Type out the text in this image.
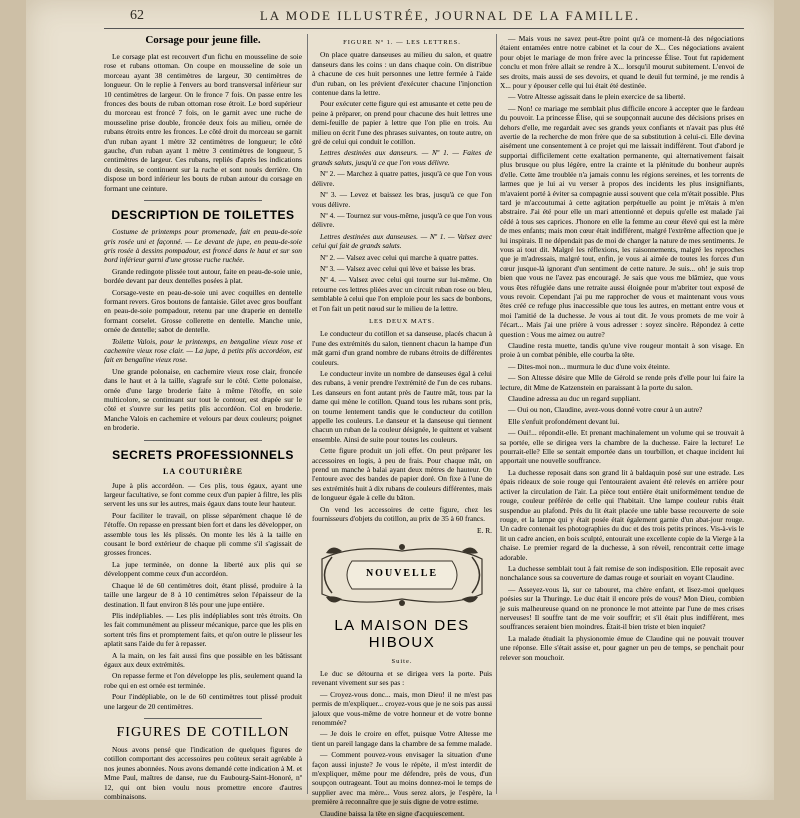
62	LA MODE ILLUSTRÉE, JOURNAL DE LA FAMILLE.
Corsage pour jeune fille.

Le corsage plat est recouvert d'un fichu en mousseline de soie rose et rubans ottoman. On coupe en mousseline de soie un morceau ayant 38 centimètres de largeur, 30 centimètres de longueur. On le replie à l'envers au bord transversal inférieur sur 10 centimètres de largeur. On le fronce 7 fois. On passe entre les fronces des bouts de ruban ottoman rose étroit. Le bord supérieur du morceau est froncé 7 fois, on le garnit avec une ruche de mousseline prise double, froncée deux fois au milieu, ornée de rubans étroits entre les fronces. Le côté droit du morceau se garnit d'un ruban ayant 1 mètre 32 centimètres de longueur; le côté gauche, d'un ruban ayant 1 mètre 3 centimètres de longueur, 5 centimètres de largeur. Ces rubans, repliés d'après les indications du dessin, se continuent sur la ruche et sont noués derrière. On dispose un bord inférieur les bouts de ruban autour du corsage en formant une ceinture.

DESCRIPTION DE TOILETTES

Costume de printemps pour promenade, fait en peau-de-soie gris rosée uni et façonné. — Le devant de jupe, en peau-de-soie gris rosée à dessins pompadour, est froncé dans le haut et sur son bord inférieur garni d'une grosse ruche ruchée.

Grande redingote plissée tout autour, faite en peau-de-soie unie, bordée devant par deux dentelles posées à plat.

Corsage-veste en peau-de-soie uni avec coquilles en dentelle formant revers. Gros boutons de fantaisie. Gilet avec gros bouffant en peau-de-soie pompadour, retenu par une draperie en dentelle formant corselet. Grosse collerette en dentelle. Manche unie, ornée de dentelle; sabot de dentelle.

Toilette Valois, pour le printemps, en bengaline vieux rose et cachemire vieux rose clair. — La jupe, à petits plis accordéon, est fait en bengaline vieux rose.

Une grande polonaise, en cachemire vieux rose clair, froncée dans le haut et à la taille, s'agrafe sur le côté. Cette polonaise, ornée d'une large broderie faite à même l'étoffe, en soie multicolore, se continuant sur tout le contour, est drapée sur le côté et s'ouvre sur les petits plis accordéon. Col en broderie. Manche Valois en cachemire et velours par deux couleurs; poignet en broderie.

SECRETS PROFESSIONNELS
LA COUTURIÈRE

Jupe à plis accordéon. — Ces plis, tous égaux, ayant une largeur facultative, se font comme ceux d'un papier à filtre, les plis servent les uns sur les autres, mais égaux dans toute leur hauteur.

Pour faciliter le travail, on plisse séparément chaque lé de l'étoffe. On repasse en pressant bien fort et dans les développer, on assemble tous les lés plissés. On monte les lés à la taille en cousant le bord extérieur de chaque pli comme s'il s'agissait de grosses fronces.

La jupe terminée, on donne la liberté aux plis qui se développent comme ceux d'un accordéon.

Chaque lé de 60 centimètres doit, étant plissé, produire à la taille une largeur de 8 à 10 centimètres selon l'épaisseur de la destination. Il faut environ 8 lés pour une jupe entière.

Plis indépliables. — Les plis indépliables sont très étroits. On les fait communément au plisseur mécanique, parce que les plis en sortent très fins et promptement faits, et qu'on outre le plisseur les aplatit sans l'aide du fer à repasser.

A la main, on les fait aussi fins que possible en les bâtissant égaux aux deux extrémités.

On repasse ferme et l'on développe les plis, seulement quand la robe qui en est ornée est terminée.

Pour l'indépliable, on le de 60 centimètres tout plissé produit une largeur de 20 centimètres.

FIGURES DE COTILLON

Nous avons pensé que l'indication de quelques figures de cotillon comportant des accessoires peu coûteux serait agréable à nos jeunes abonnées. Nous avons demandé cette indication à M. et Mme Paul, maîtres de danse, rue du Faubourg-Saint-Honoré, nº 12, qui ont bien voulu nous promettre encore d'autres combinaisons.

FIGURE Nº 1. — LES LETTRES.

On place quatre danseuses au milieu du salon, et quatre danseurs dans les coins : un dans chaque coin. On distribue à chacune de ces huit personnes une lettre fermée à l'aide d'un ruban, on les prévient d'exécuter chacune l'injonction contenue dans la lettre.

Pour exécuter cette figure qui est amusante et cette peu de peine à préparer, on prend pour chacune des huit lettres une demi-feuille de papier à lettre que l'on plie en trois. Au milieu on écrit l'une des phrases suivantes, on toute autre, on gré de celui qui conduit le cotillon.

Lettres destinées aux danseurs. — Nº 1. — Faites de grands saluts, jusqu'à ce que l'on vous délivre.

Nº 2. — Marchez à quatre pattes, jusqu'à ce que l'on vous délivre.

Nº 3. — Levez et baissez les bras, jusqu'à ce que l'on vous délivre.

Nº 4. — Tournez sur vous-même, jusqu'à ce que l'on vous délivre.

Lettres destinées aux danseuses. — Nº 1. — Valsez avec celui qui fait de grands saluts.

Nº 2. — Valsez avec celui qui marche à quatre pattes.

Nº 3. — Valsez avec celui qui lève et baisse les bras.

Nº 4. — Valsez avec celui qui tourne sur lui-même. On retourne ces lettres pliées avec un circuit ruban rose ou bleu, semblable à celui que l'on emploie pour les sacs de bonbons, et l'on fait un petit nœud sur le milieu de la lettre.

LES DEUX MATS.

Le conducteur du cotillon et sa danseuse, placés chacun à l'une des extrémités du salon, tiennent chacun la hampe d'un mât garni d'un grand nombre de rubans étroits de différentes couleurs.

Le conducteur invite un nombre de danseuses égal à celui des rubans, à venir prendre l'extrémité de l'un de ces rubans. Les danseurs en font autant près de l'autre mât, tous par la dame qui mène le cotillon. Quand tous les rubans sont pris, on tourne lentement tandis que le conducteur du cotillon appelle les couleurs. Le danseur et la danseuse qui tiennent chacun un ruban de la couleur désignée, le quittent et valsent ensemble. Ainsi de suite pour toutes les couleurs.

Cette figure produit un joli effet. On peut préparer les accessoires en logis, à peu de frais. Pour chaque mât, on prend un manche à balai ayant deux mètres de hauteur. On l'entoure avec des bandes de papier doré. On fixe à l'une de ses extrémités huit à dix rubans de couleurs différentes, mais de longueur égale à celle du bâton.

On vend les accessoires de cette figure, chez les fournisseurs d'objets du cotillon, au prix de 35 à 60 francs.

E. R.
NOUVELLE
LA MAISON DES HIBOUX

Suite.

Le duc se détourna et se dirigea vers la porte. Puis revenant vivement sur ses pas :

— Croyez-vous donc... mais, mon Dieu! il ne m'est pas permis de m'expliquer... croyez-vous que je ne sois pas aussi jaloux que vous-même de votre honneur et de votre bonne renommée?

— Je dois le croire en effet, puisque Votre Altesse me tient un pareil langage dans la chambre de sa femme malade.

— Comment pouvez-vous envisager la situation d'une façon aussi injuste? Je vous le répète, il m'est interdit de m'expliquer, même pour me défendre, près de vous, d'un soupçon outrageant. Tout au moins donnez-moi le temps de supplier avec ma mère... Vous serez alors, je l'espère, la première à reconnaître que je suis digne de votre estime.

Claudine baissa la tête en signe d'acquiescement.

— Mais vous ne savez peut-être point qu'à ce moment-là des négociations étaient entamées entre notre cabinet et la cour de X... Ces négociations avaient pour objet le mariage de mon frère avec la princesse Élise. Tout fut rapidement conclu et mon frère allait se rendre à X... lorsqu'il mourut subitement. L'envoi de ses droits, mais aussi de ses devoirs, et quand le deuil fut terminé, je me rendis à X... pour y épouser celle qui lui était été destinée.

— Votre Altesse agissait dans le plein exercice de sa liberté.

— Non! ce mariage me semblait plus difficile encore à accepter que le fardeau du pouvoir. La princesse Élise, qui se soupçonnait aucune des décisions prises en dehors d'elle, me regardait avec ses grands yeux confiants et n'avait pas plus été avertie de la recherche de mon frère que de sa substitution à celui-ci. Elle devina aisément une consentement à ce projet qui me laissait indifférent. Tout d'abord je supportai difficilement cette exaltation permanente, qui alternativement faisait plus brusque ou plus légère, entre la crainte et la plénitude du bonheur auprès d'elle. Cette âme troublée n'a jamais connu les régions sereines, et les torrents de larmes que je lui ai vu verser à propos des incidents les plus insignifiants, m'avaient porté à éviter sa compagnie aussi souvent que cela m'était possible. Plus tard je m'accoutumai à cette agitation perpétuelle au point je m'étais à m'en abstraire. J'ai été pour elle un mari attentionné et depuis qu'elle est malade j'ai cédé à tous ses caprices. J'honore en elle la femme au cœur élevé qui est la mère de mes enfants; mais mon cœur était indifférent, malgré l'extrême affection que je lui inspirais. Il ne dépendait pas de moi de changer la nature de mes sentiments. Je vous ai tout dit. Malgré les réflexions, les raisonnements, malgré les reproches que je m'adressais, malgré tout, enfin, je vous ai aimée de toutes les forces d'un cœur jusque-là ignorant d'un sentiment de cette nature. Je suis... oh! je suis trop bien que vous ne l'avez pas encouragé. Je sais que vous me blâmiez, que vous vous êtes réfugiée dans une retraite aussi éloignée pour m'abriter tout exposé de vous revoir. Cependant j'ai pu me rapprocher de vous et maintenant vous vous êtes créé ce refuge plus inaccessible que tous les autres, en mettant entre vous et moi l'amitié de la duchesse. Je vous ai tout dit. Je vous promets de me voir à l'écart... Mais j'ai une prière à vous adresser : soyez sincère. Répondez à cette question : Vous me aimez ou autre?

Claudine resta muette, tandis qu'une vive rougeur montait à son visage. En proie à un combat pénible, elle courba la tête.

— Dites-moi non... murmura le duc d'une voix éteinte.

— Son Altesse désire que Mlle de Gérold se rende près d'elle pour lui faire la lecture, dit Mme de Katzenstein en paraissant à la porte du salon.

Claudine adressa au duc un regard suppliant.

— Oui ou non, Claudine, avez-vous donné votre cœur à un autre?

Elle s'enfuit profondément devant lui.

— Oui!... répondit-elle. Et prenant machinalement un volume qui se trouvait à sa portée, elle se dirigea vers la chambre de la duchesse. Faire la lecture! Le pourrait-elle? Elle se sentait emportée dans un tourbillon, et chaque incident lui apportait une nouvelle souffrance.

La duchesse reposait dans son grand lit à baldaquin posé sur une estrade. Les épais rideaux de soie rouge qui l'entouraient avaient été relevés en arrière pour activer la circulation de l'air. La pièce tout entière était uniformément tendue de rouge, couleur préférée de celle qui l'habitait. Une lampe couleur rubis était suspendue au plafond. Près du lit était placée une table basse recouverte de soie rouge, et la lampe qui y était posée était également garnie d'un abat-jour rouge. Un cadre contenait les photographies du duc et des trois petits princes. Vis-à-vis le lit un cadre ancien, en bois sculpté, entourait une excellente copie de la Vierge à la chaise. Le premier regard de la duchesse, à son réveil, rencontrait cette image adorable.

La duchesse semblait tout à fait remise de son indisposition. Elle reposait avec nonchalance sous sa couverture de damas rouge et souriait en voyant Claudine.

— Asseyez-vous là, sur ce tabouret, ma chère enfant, et lisez-moi quelques poésies sur la Thuringe. Le duc était il encore près de vous? Mon Dieu, combien je suis malheureuse quand on ne prononce le mot atteinte par l'une de mes crises nerveuses! Il souffre tant de me voir souffrir; et s'il était plus indifférent, mes souffrances seraient bien moindres. Était-il bien triste et bien inquiet?

La malade étudiait la physionomie émue de Claudine qui ne pouvait trouver une réponse. Elle s'était assise et, pour gagner un peu de temps, se penchait pour relever son mouchoir.
